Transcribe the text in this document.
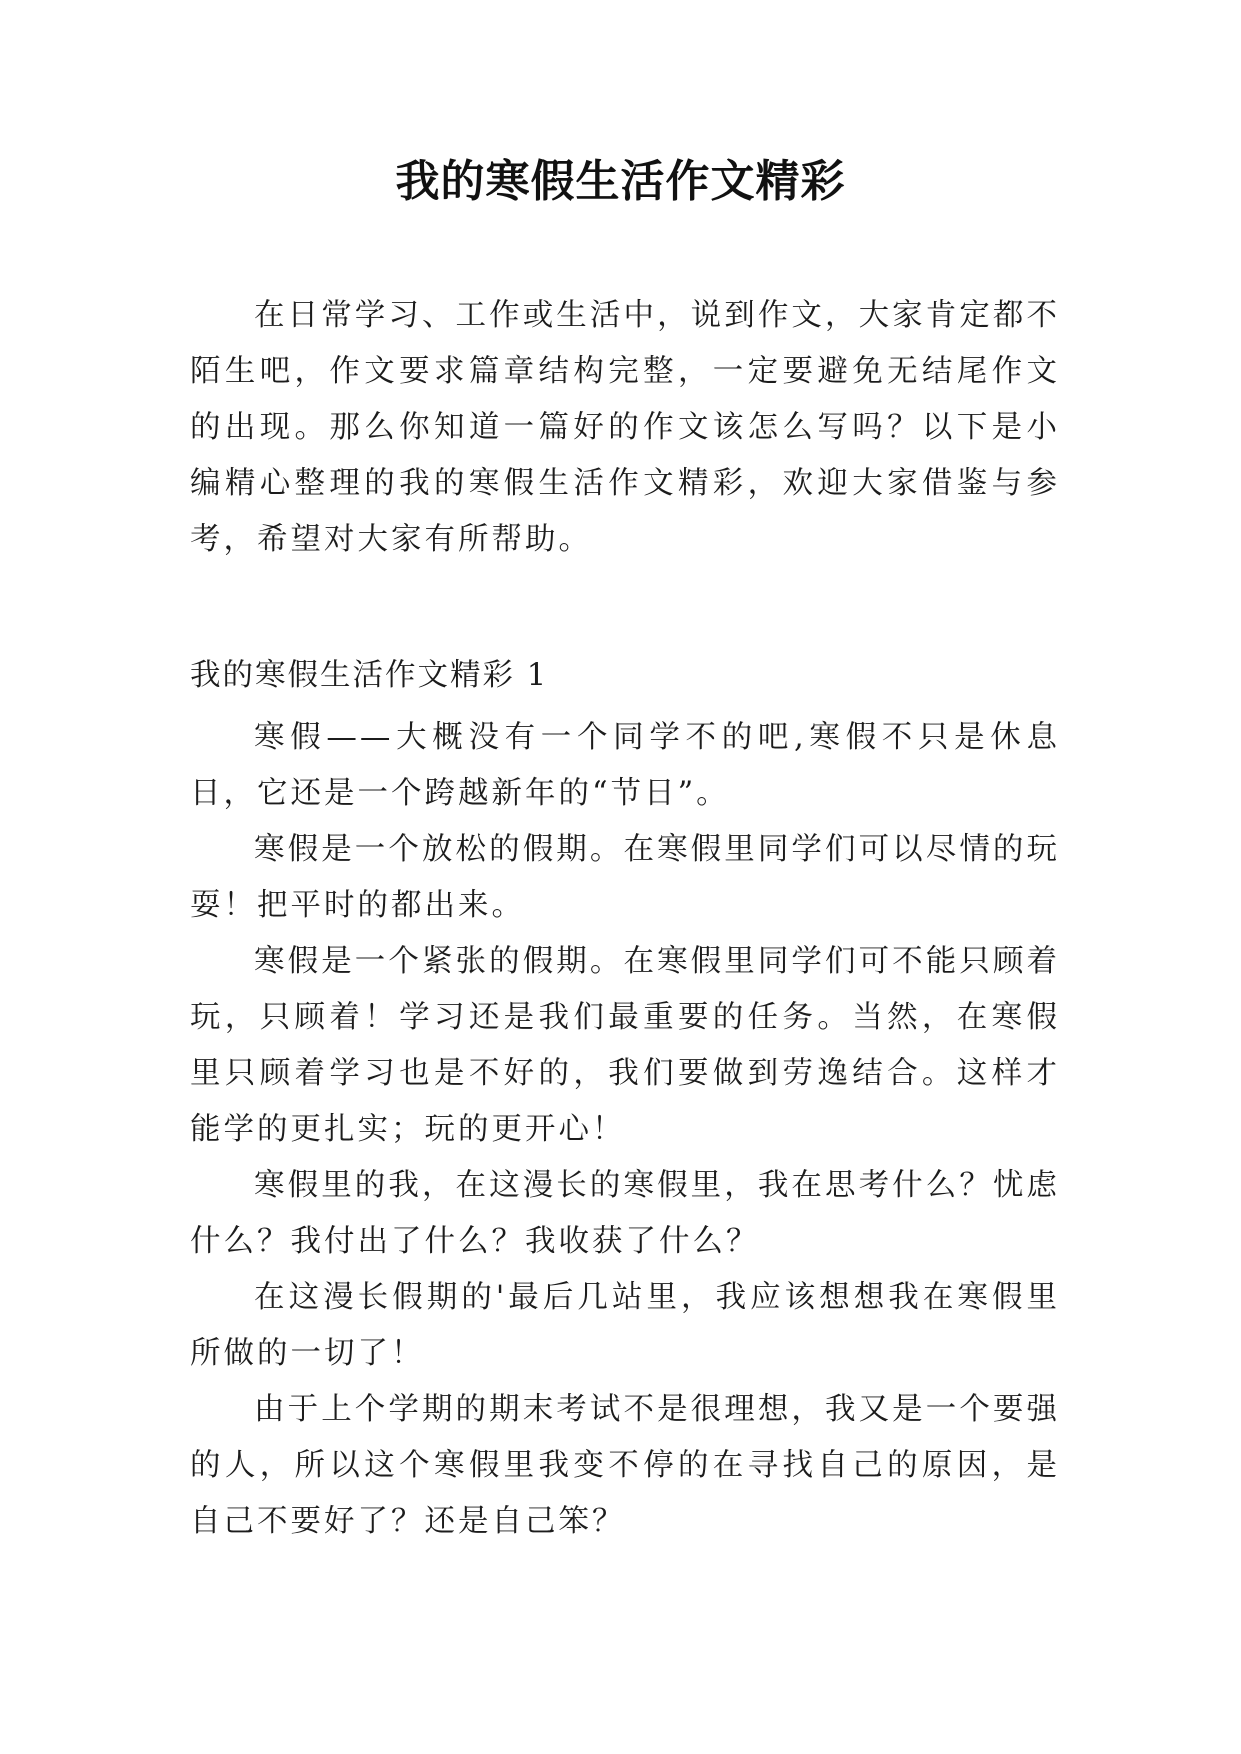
我的寒假生活作文精彩

在日常学习、工作或生活中，说到作文，大家肯定都不陌生吧，作文要求篇章结构完整，一定要避免无结尾作文的出现。那么你知道一篇好的作文该怎么写吗？以下是小编精心整理的我的寒假生活作文精彩，欢迎大家借鉴与参考，希望对大家有所帮助。

我的寒假生活作文精彩 1

寒假——大概没有一个同学不的吧,寒假不只是休息日，它还是一个跨越新年的“节日”。

寒假是一个放松的假期。在寒假里同学们可以尽情的玩耍！把平时的都出来。

寒假是一个紧张的假期。在寒假里同学们可不能只顾着玩，只顾着！学习还是我们最重要的任务。当然，在寒假里只顾着学习也是不好的，我们要做到劳逸结合。这样才能学的更扎实；玩的更开心！

寒假里的我，在这漫长的寒假里，我在思考什么？忧虑什么？我付出了什么？我收获了什么？

在这漫长假期的'最后几站里，我应该想想我在寒假里所做的一切了！

由于上个学期的期末考试不是很理想，我又是一个要强的人，所以这个寒假里我变不停的在寻找自己的原因，是自己不要好了？还是自己笨？
